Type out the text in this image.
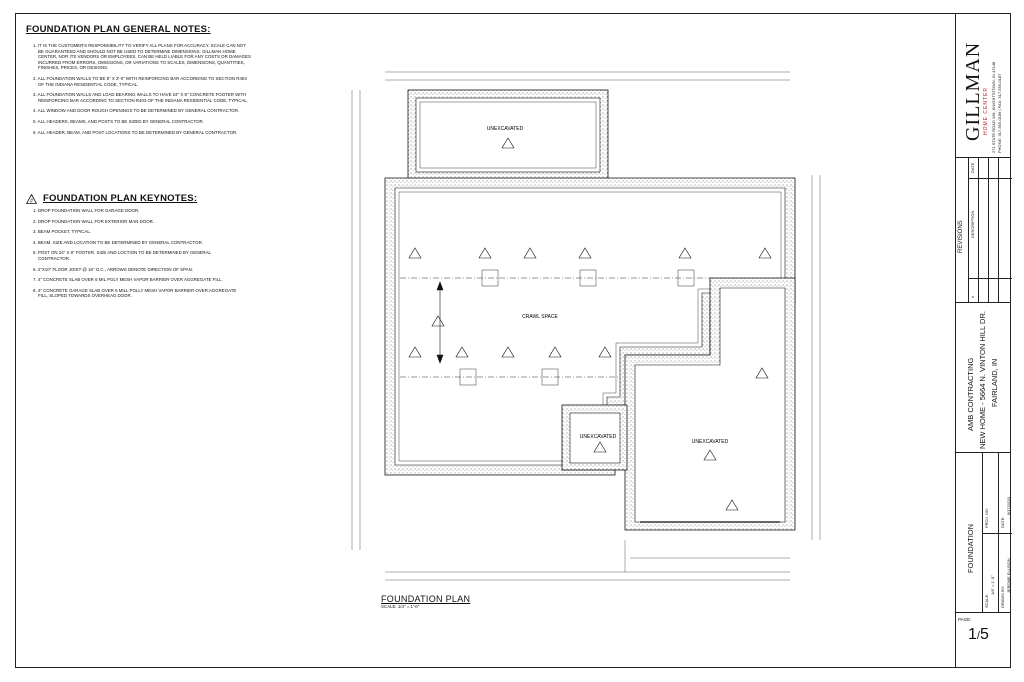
FOUNDATION PLAN GENERAL NOTES:
1. IT IS THE CUSTOMER'S RESPONSIBILITY TO VERIFY ALL PLANS FOR ACCURACY. SCALE CAN NOT BE GUARANTEED AND SHOULD NOT BE USED TO DETERMINE DIMENSIONS. GILLMAN HOME CENTER, NOR ITS VENDORS OR EMPLOYEES, CAN BE HELD LIABLE FOR ANY COSTS OR DAMAGES INCURRED FROM ERRORS, OMISSIONS, OR VARIATIONS TO SCALES, DIMENSIONS, QUANTITIES, FINISHES, PRICES, OR DESIGNS.
2. ALL FOUNDATION WALLS TO BE 8" X 3'-0" WITH REINFORCING BAR ACCORDING TO SECTION R404 OF THE INDIANA RESIDENTIAL CODE, TYPICAL.
3. ALL FOUNDATION WALLS AND LOAD BEARING WALLS TO HAVE 24" X 8" CONCRETE FOOTER WITH REINFORCING BAR ACCORDING TO SECTION R403 OF THE INDIANA RESIDENTIAL CODE, TYPICAL.
4. ALL WINDOW AND DOOR ROUGH OPENINGS TO BE DETERMINED BY GENERAL CONTRACTOR.
5. ALL HEADERS, BEAMS, AND POSTS TO BE SIZED BY GENERAL CONTRACTOR.
6. ALL HEADER, BEAM, AND POST LOCATIONS TO BE DETERMINED BY GENERAL CONTRACTOR.
# FOUNDATION PLAN KEYNOTES:
1. DROP FOUNDATION WALL FOR GARAGE DOOR.
2. DROP FOUNDATION WALL FOR EXTERIOR MAN DOOR.
3. BEAM POCKET, TYPICAL.
4. BEAM. SIZE AND LOCATION TO BE DETERMINED BY GENERAL CONTRACTOR.
5. POST ON 24" X 8" FOOTER. SIZE AND LOCTION TO BE DETERMINED BY GENERAL CONTRACTOR.
6. 2"X10" FLOOR JOIST @ 16" O.C., ARROWS DENOTE DIRECTION OF SPAN.
7. 4" CONCRETE SLAB OVER 6 MIL POLY MESH VAPOR BARRIER OVER AGGREGATE FILL.
8. 4" CONCRETE GARAGE SLAB OVER 6 MILL POLLY MESH VAPOR BARRIER OVER AGGREGATE FILL, SLOPED TOWARDS OVERHEAD DOOR.
UNEXCAVATED
CRAWL SPACE
UNEXCAVATED
UNEXCAVATED
FOUNDATION PLAN
SCALE: 1/4" = 1'-0"
GILLMAN HOME CENTER 271 STATE ROAD 109, KNIGHTSTOWN, IN 47148 PHONE: 317-555-0186 | FAX: 317-555-0187
REVISIONS
#
DESCRIPTION
DATE
AMB CONTRACTING NEW HOME - 5664 N. VINTON HILL DR. FAIRLAND, IN
FOUNDATION
SCALE:
1/4" = 1'-0"
PROJ. NO:
DRAWN BY:
JEROME ELLISON
DATE:
6/17/2020
PAGE:
1/5
